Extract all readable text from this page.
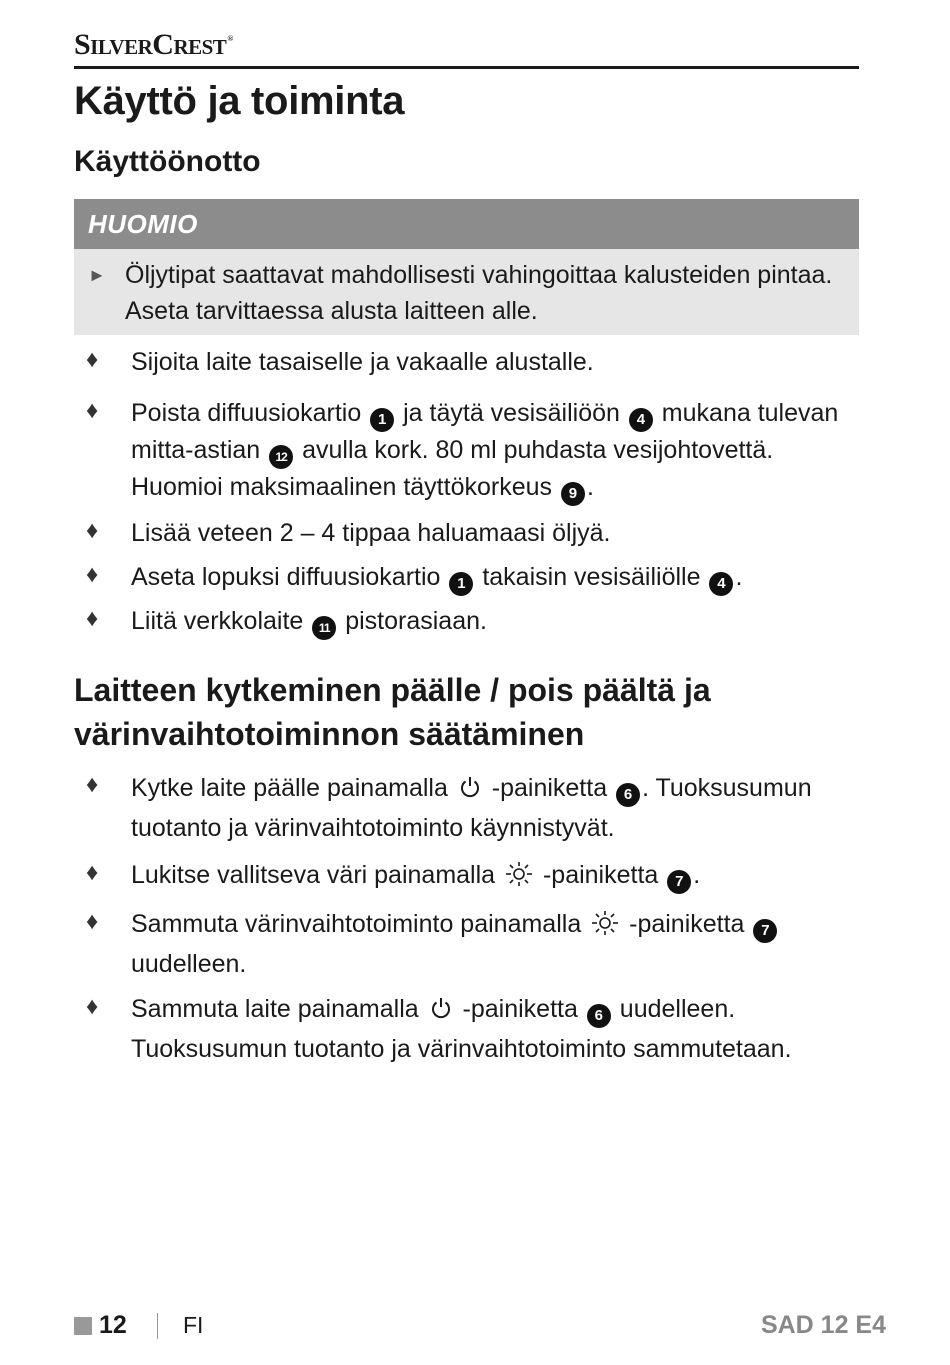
SilverCrest®
Käyttö ja toiminta
Käyttöönotto
HUOMIO
► Öljytipat saattavat mahdollisesti vahingoittaa kalusteiden pintaa. Aseta tarvittaessa alusta laitteen alle.
♦ Sijoita laite tasaiselle ja vakaalle alustalle.
♦ Poista diffuusiokartio 1 ja täytä vesisäiliöön 4 mukana tulevan mitta-astian 12 avulla kork. 80 ml puhdasta vesijohtovettä. Huomioi maksimaalinen täyttökorkeus 9 .
♦ Lisää veteen 2 – 4 tippaa haluamaasi öljyä.
♦ Aseta lopuksi diffuusiokartio 1 takaisin vesisäiliölle 4 .
♦ Liitä verkkolaite 11 pistorasiaan.
Laitteen kytkeminen päälle / pois päältä ja värinvaihtotoiminnon säätäminen
♦ Kytke laite päälle painamalla  -painiketta 6 . Tuoksusumun tuotanto ja värinvaihtotoiminto käynnistyvät.
♦ Lukitse vallitseva väri painamalla  -painiketta 7 .
♦ Sammuta värinvaihtotoiminto painamalla  -painiketta 7 uudelleen.
♦ Sammuta laite painamalla  -painiketta 6 uudelleen. Tuoksusumun tuotanto ja värinvaihtotoiminto sammutetaan.
12 FI	SAD 12 E4
